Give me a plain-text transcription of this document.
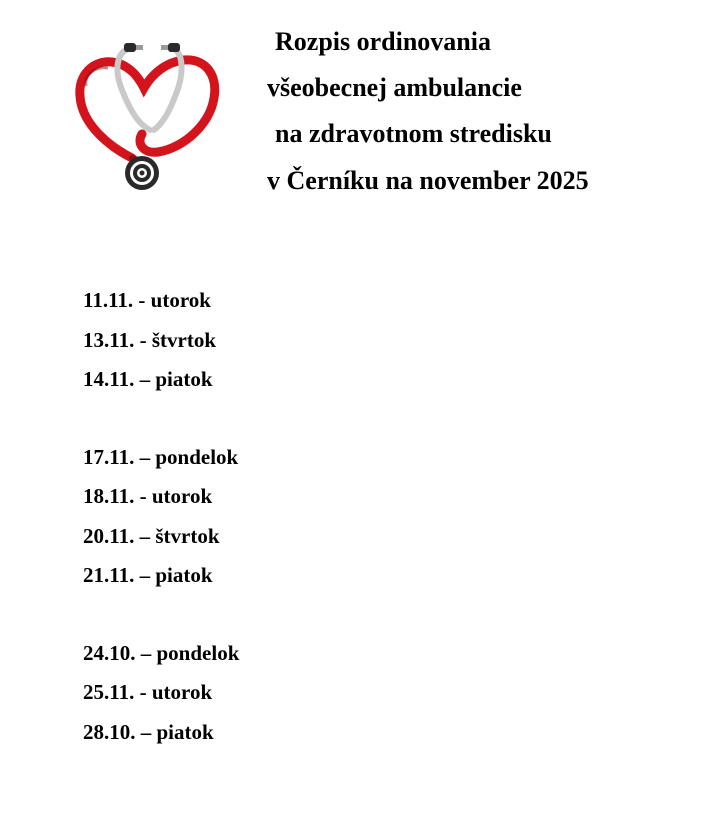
Rozpis ordinovania
všeobecnej ambulancie
na zdravotnom stredisku
v Černíku na november 2025
11.11. - utorok
13.11. - štvrtok
14.11. – piatok
17.11. – pondelok
18.11. - utorok
20.11. – štvrtok
21.11. – piatok
24.10. – pondelok
25.11. - utorok
28.10. – piatok
